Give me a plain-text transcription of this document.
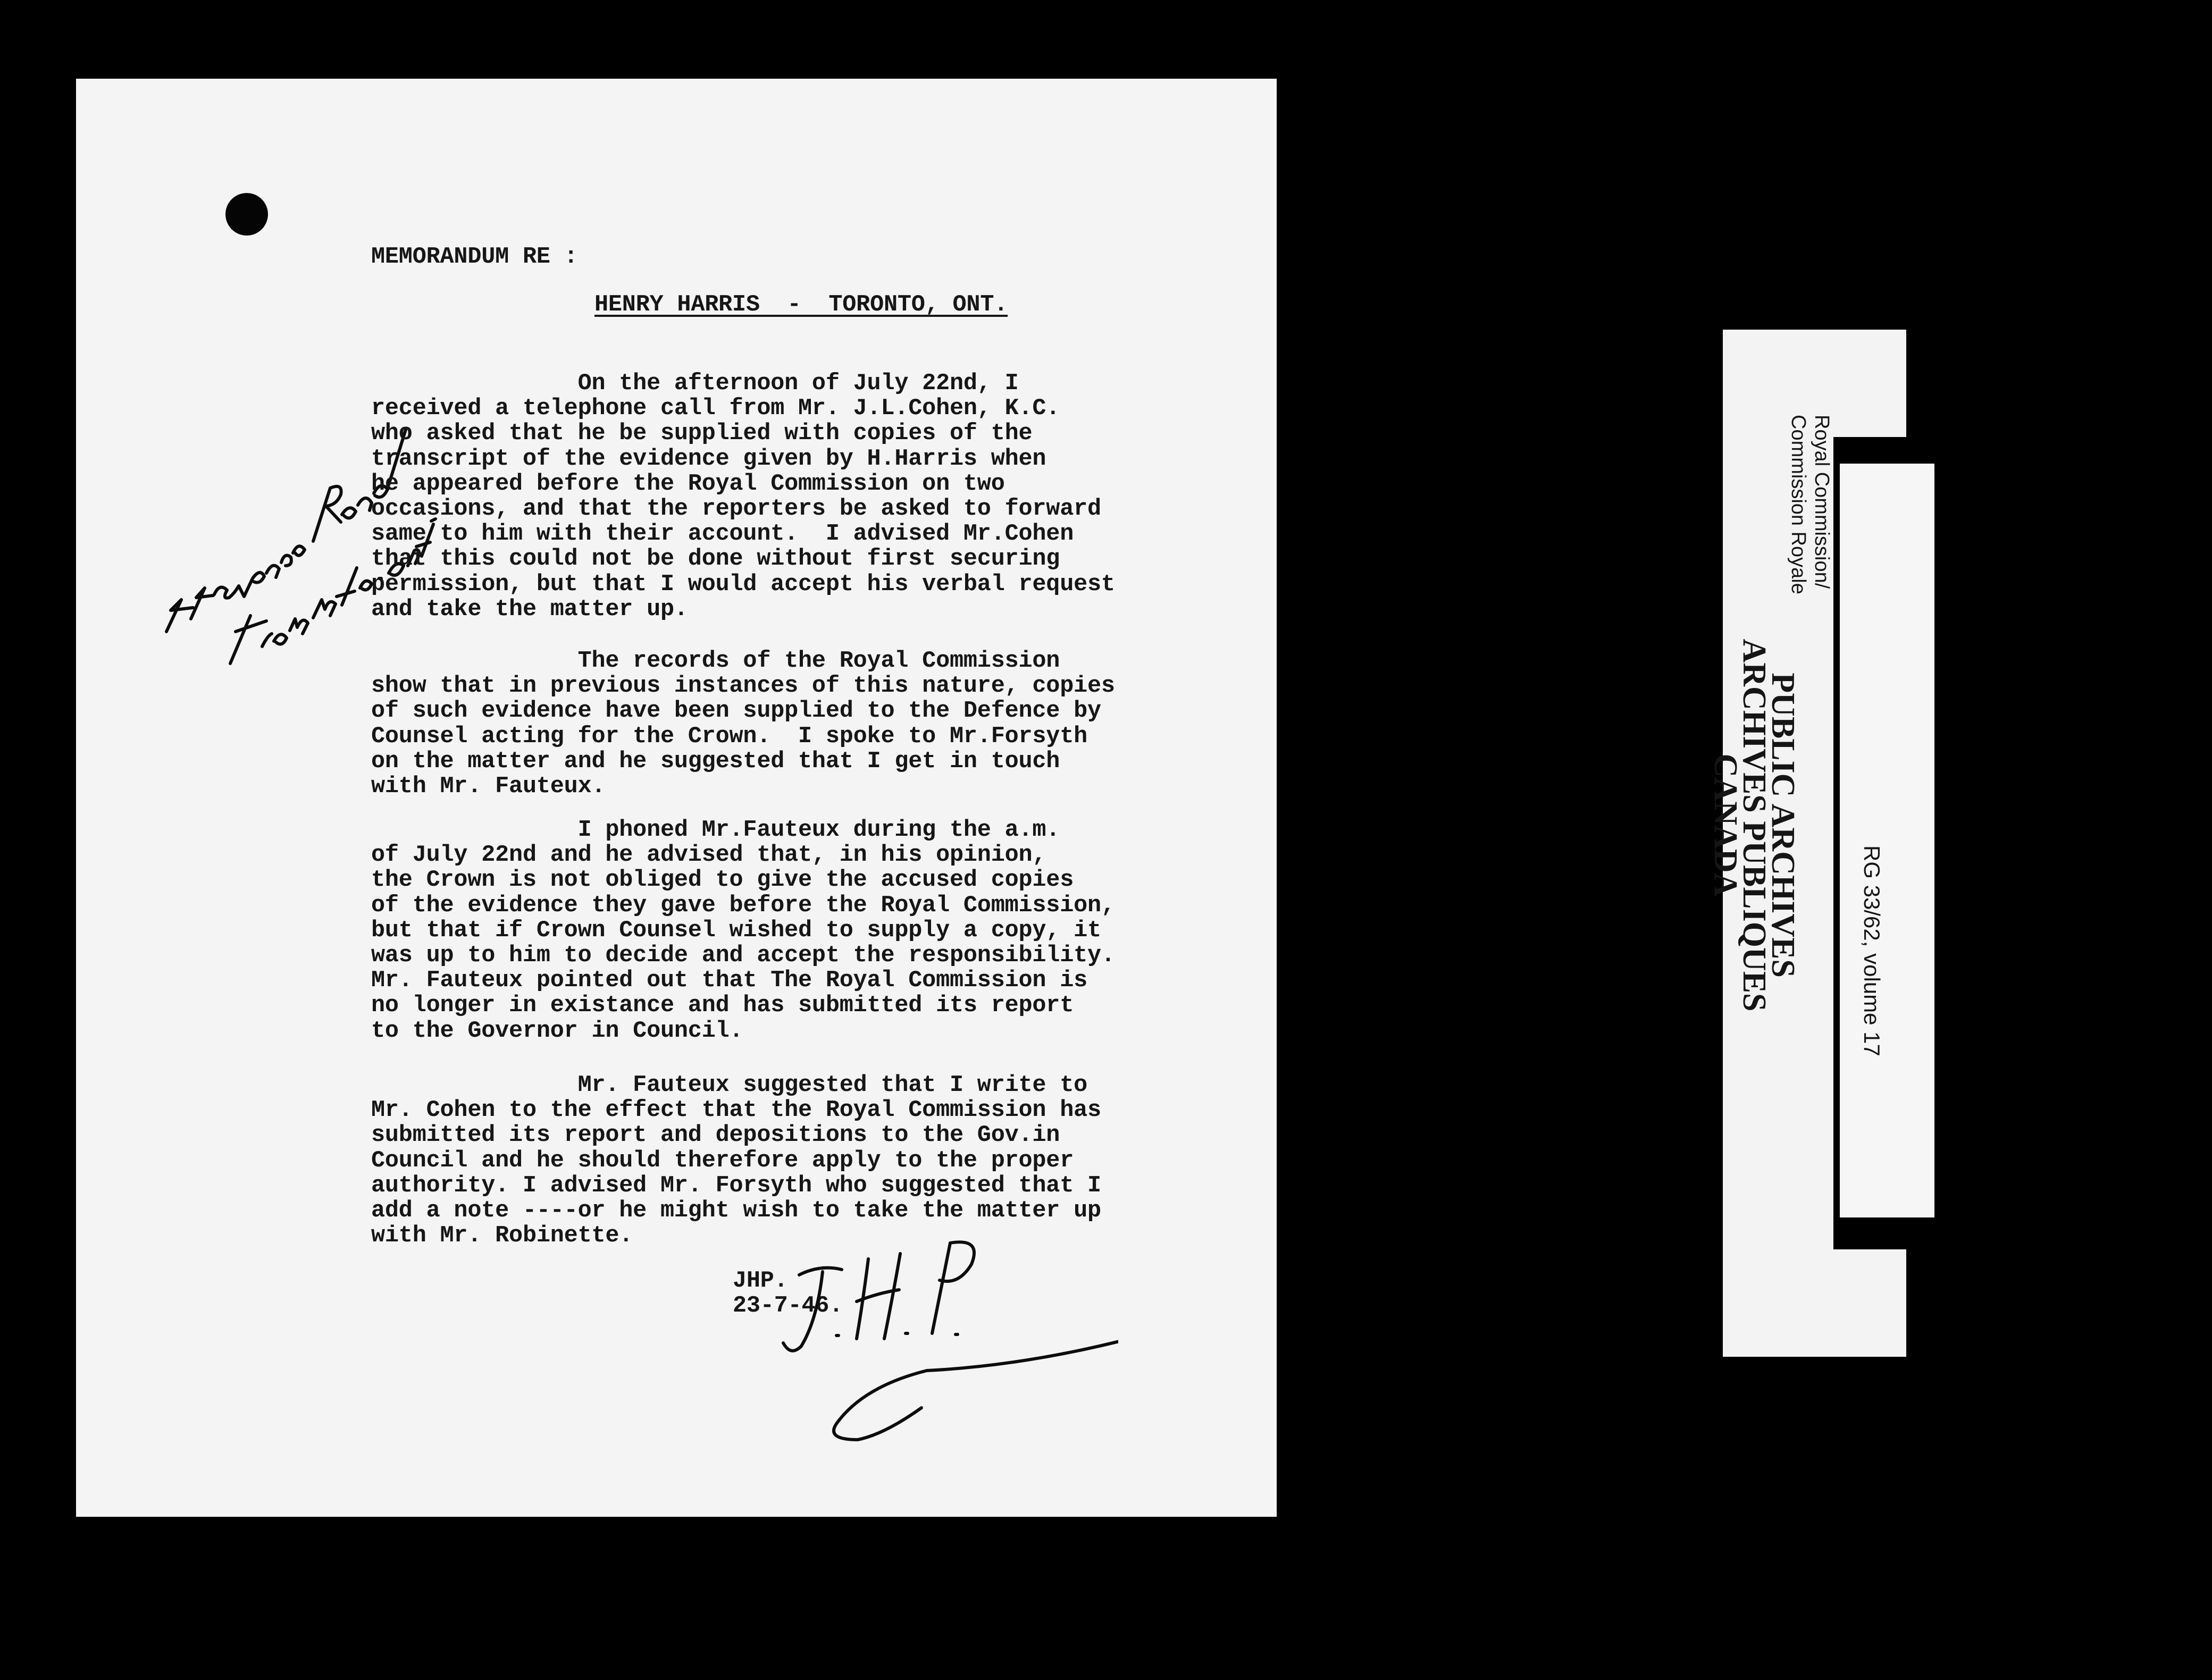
MEMORANDUM RE :
HENRY HARRIS  -  TORONTO, ONT.
On the afternoon of July 22nd, I
received a telephone call from Mr. J.L.Cohen, K.C.
who asked that he be supplied with copies of the
transcript of the evidence given by H.Harris when
he appeared before the Royal Commission on two
occasions, and that the reporters be asked to forward
same to him with their account.  I advised Mr.Cohen
that this could not be done without first securing
permission, but that I would accept his verbal request
and take the matter up.
The records of the Royal Commission
show that in previous instances of this nature, copies
of such evidence have been supplied to the Defence by
Counsel acting for the Crown.  I spoke to Mr.Forsyth
on the matter and he suggested that I get in touch
with Mr. Fauteux.
I phoned Mr.Fauteux during the a.m.
of July 22nd and he advised that, in his opinion,
the Crown is not obliged to give the accused copies
of the evidence they gave before the Royal Commission,
but that if Crown Counsel wished to supply a copy, it
was up to him to decide and accept the responsibility.
Mr. Fauteux pointed out that The Royal Commission is
no longer in existance and has submitted its report
to the Governor in Council.
Mr. Fauteux suggested that I write to
Mr. Cohen to the effect that the Royal Commission has
submitted its report and depositions to the Gov.in
Council and he should therefore apply to the proper
authority. I advised Mr. Forsyth who suggested that I
add a note ----or he might wish to take the matter up
with Mr. Robinette.
JHP.
23-7-46.
PUBLIC ARCHIVES
ARCHIVES PUBLIQUES
CANADA
Royal Commission/
Commission Royale
RG 33/62, volume 17
